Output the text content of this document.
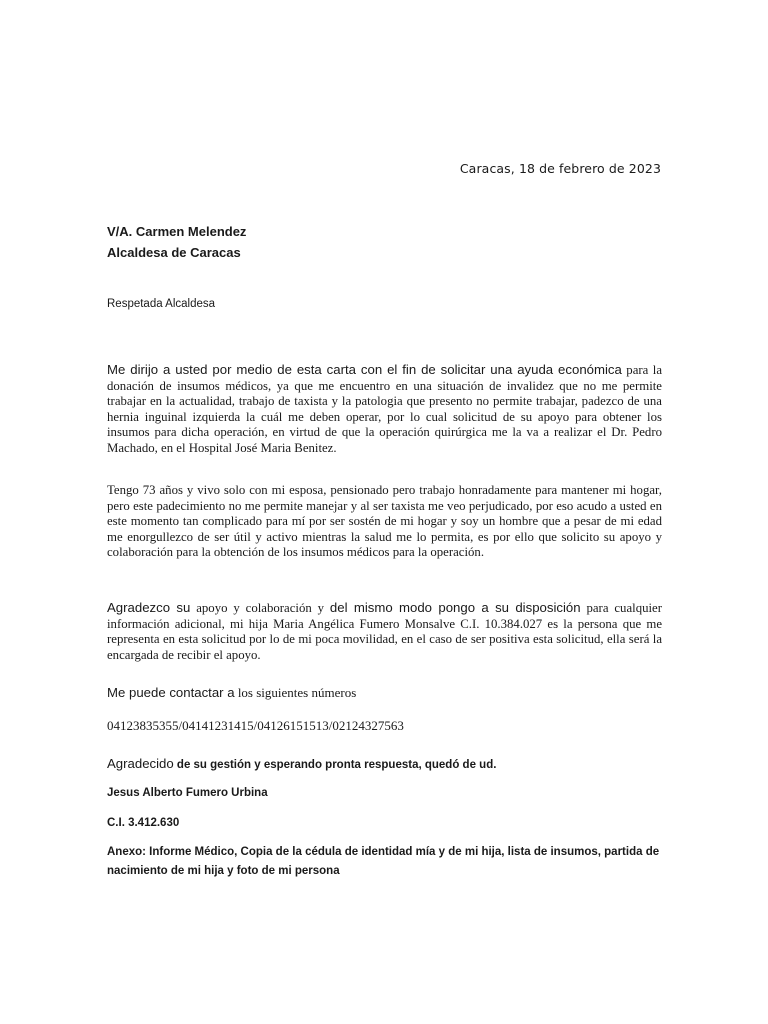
Caracas, 18 de febrero de 2023
V/A. Carmen Melendez
Alcaldesa de Caracas
Respetada Alcaldesa

Me dirijo a usted por medio de esta carta con el fin de solicitar una ayuda económica para la donación de insumos médicos, ya que me encuentro en una situación de invalidez que no me permite trabajar en la actualidad, trabajo de taxista y la patologia que presento no permite trabajar, padezco de una hernia inguinal izquierda la cuál me deben operar, por lo cual solicitud de su apoyo para obtener los insumos para dicha operación, en virtud de que la operación quirúrgica me la va a realizar el Dr. Pedro Machado, en el Hospital José Maria Benitez.

Tengo 73 años y vivo solo con mi esposa, pensionado pero trabajo honradamente para mantener mi hogar, pero este padecimiento no me permite manejar y al ser taxista me veo perjudicado, por eso acudo a usted en este momento tan complicado para mí por ser sostén de mi hogar y soy un hombre que a pesar de mi edad me enorgullezco de ser útil y activo mientras la salud me lo permita, es por ello que solicito su apoyo y colaboración para la obtención de los insumos médicos para la operación.

Agradezco su apoyo y colaboración y del mismo modo pongo a su disposición para cualquier información adicional, mi hija Maria Angélica Fumero Monsalve C.I. 10.384.027 es la persona que me representa en esta solicitud por lo de mi poca movilidad, en el caso de ser positiva esta solicitud, ella será la encargada de recibir el apoyo.

Me puede contactar a los siguientes números
04123835355/04141231415/04126151513/02124327563
Agradecido de su gestión y esperando pronta respuesta, quedó de ud.
Jesus Alberto Fumero Urbina
C.I. 3.412.630
Anexo: Informe Médico, Copia de la cédula de identidad mía y de mi hija, lista de insumos, partida de nacimiento de mi hija y foto de mi persona
